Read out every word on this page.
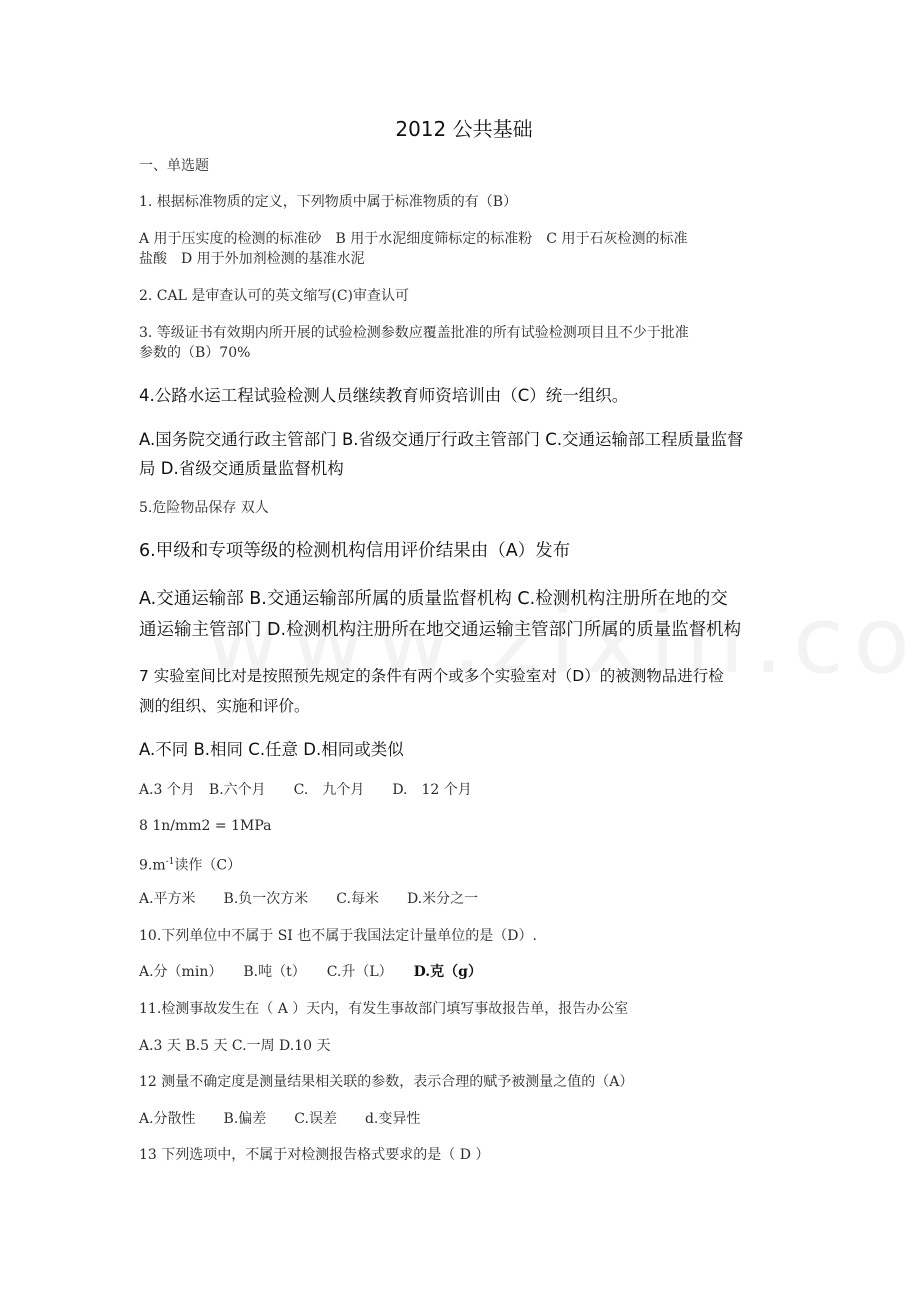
2012 公共基础

一、单选题

1. 根据标准物质的定义，下列物质中属于标准物质的有（B）

A 用于压实度的检测的标准砂　B 用于水泥细度筛标定的标准粉　C 用于石灰检测的标准

盐酸　D 用于外加剂检测的基准水泥

2. CAL 是审查认可的英文缩写(C)审查认可

3. 等级证书有效期内所开展的试验检测参数应覆盖批准的所有试验检测项目且不少于批准

参数的（B）70%

4.公路水运工程试验检测人员继续教育师资培训由（C）统一组织。

A.国务院交通行政主管部门 B.省级交通厅行政主管部门 C.交通运输部工程质量监督

局 D.省级交通质量监督机构

5.危险物品保存 双人

6.甲级和专项等级的检测机构信用评价结果由（A）发布

A.交通运输部 B.交通运输部所属的质量监督机构 C.检测机构注册所在地的交

通运输主管部门 D.检测机构注册所在地交通运输主管部门所属的质量监督机构

7 实验室间比对是按照预先规定的条件有两个或多个实验室对（D）的被测物品进行检

测的组织、实施和评价。

A.不同 B.相同 C.任意 D.相同或类似

A.3 个月　B.六个月　　C.　九个月　　D.　12 个月

8 1n/mm2 = 1MPa

$9.m^{-1}$读作（C）

A.平方米　　B.负一次方米　　C.每米　　D.米分之一

10.下列单位中不属于 SI 也不属于我国法定计量单位的是（D）.

A.分（min）　　B.吨（t）　　C.升（L）　　D.克（g）

11.检测事故发生在（ A ）天内，有发生事故部门填写事故报告单，报告办公室

A.3 天 B.5 天 C.一周 D.10 天

12 测量不确定度是测量结果相关联的参数，表示合理的赋予被测量之值的（A）

A.分散性　　B.偏差　　C.误差　　d.变异性

13 下列选项中，不属于对检测报告格式要求的是（ D ）
